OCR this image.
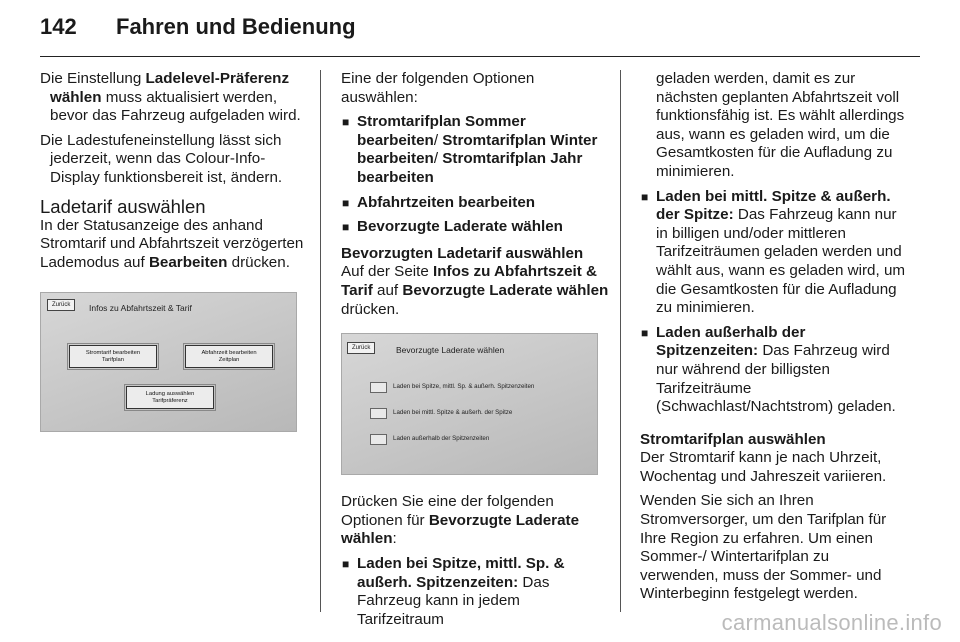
142	Fahren und Bedienung

Die Einstellung Ladelevel-Präferenz wählen muss aktualisiert werden, bevor das Fahrzeug aufgeladen wird.

Die Ladestufeneinstellung lässt sich jederzeit, wenn das Colour-Info-Display funktionsbereit ist, ändern.

Ladetarif auswählen

In der Statusanzeige des anhand Stromtarif und Abfahrtszeit verzögerten Lademodus auf Bearbeiten drücken.

Zurück	Infos zu Abfahrtszeit & Tarif
Stromtarif bearbeiten
Tarifplan
Abfahrzeit bearbeiten
Zeitplan
Ladung auswählen
Tarifpräferenz

Eine der folgenden Optionen auswählen:

■ Stromtarifplan Sommer bearbeiten/ Stromtarifplan Winter bearbeiten/ Stromtarifplan Jahr bearbeiten
■ Abfahrtzeiten bearbeiten
■ Bevorzugte Laderate wählen
Bevorzugten Ladetarif auswählen

Auf der Seite Infos zu Abfahrtszeit & Tarif auf Bevorzugte Laderate wählen drücken.

Zurück	Bevorzugte Laderate wählen
Laden bei Spitze, mittl. Sp. & außerh. Spitzenzeiten
Laden bei mittl. Spitze & außerh. der Spitze
Laden außerhalb der Spitzenzeiten

Drücken Sie eine der folgenden Optionen für Bevorzugte Laderate wählen:

■ Laden bei Spitze, mittl. Sp. & außerh. Spitzenzeiten: Das Fahrzeug kann in jedem Tarifzeitraum

geladen werden, damit es zur nächsten geplanten Abfahrtszeit voll funktionsfähig ist. Es wählt allerdings aus, wann es geladen wird, um die Gesamtkosten für die Aufladung zu minimieren.

■ Laden bei mittl. Spitze & außerh. der Spitze: Das Fahrzeug kann nur in billigen und/oder mittleren Tarifzeiträumen geladen werden und wählt aus, wann es geladen wird, um die Gesamtkosten für die Aufladung zu minimieren.
■ Laden außerhalb der Spitzenzeiten: Das Fahrzeug wird nur während der billigsten Tarifzeiträume (Schwachlast/Nachtstrom) geladen.
Stromtarifplan auswählen

Der Stromtarif kann je nach Uhrzeit, Wochentag und Jahreszeit variieren.

Wenden Sie sich an Ihren Stromversorger, um den Tarifplan für Ihre Region zu erfahren. Um einen Sommer-/ Wintertarifplan zu verwenden, muss der Sommer- und Winterbeginn festgelegt werden.

carmanualsonline.info
